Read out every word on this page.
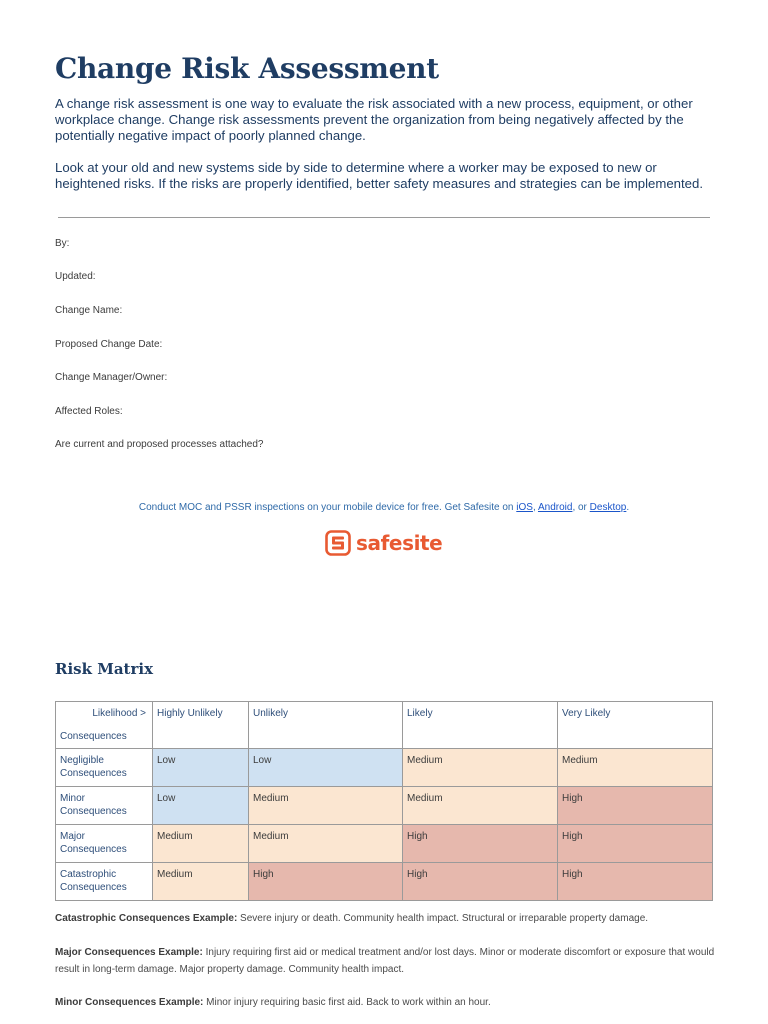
Change Risk Assessment

A change risk assessment is one way to evaluate the risk associated with a new process, equipment, or other workplace change. Change risk assessments prevent the organization from being negatively affected by the potentially negative impact of poorly planned change.

Look at your old and new systems side by side to determine where a worker may be exposed to new or heightened risks. If the risks are properly identified, better safety measures and strategies can be implemented.

By:
Updated:
Change Name:
Proposed Change Date:
Change Manager/Owner:
Affected Roles:
Are current and proposed processes attached?
Conduct MOC and PSSR inspections on your mobile device for free. Get Safesite on iOS, Android, or Desktop.
safesite
Risk Matrix
Likelihood >
Consequences	Highly Unlikely	Unlikely	Likely	Very Likely
Negligible Consequences	Low	Low	Medium	Medium
Minor Consequences	Low	Medium	Medium	High
Major Consequences	Medium	Medium	High	High
Catastrophic Consequences	Medium	High	High	High

Catastrophic Consequences Example: Severe injury or death. Community health impact. Structural or irreparable property damage.

Major Consequences Example: Injury requiring first aid or medical treatment and/or lost days. Minor or moderate discomfort or exposure that would result in long-term damage. Major property damage. Community health impact.

Minor Consequences Example: Minor injury requiring basic first aid. Back to work within an hour.
